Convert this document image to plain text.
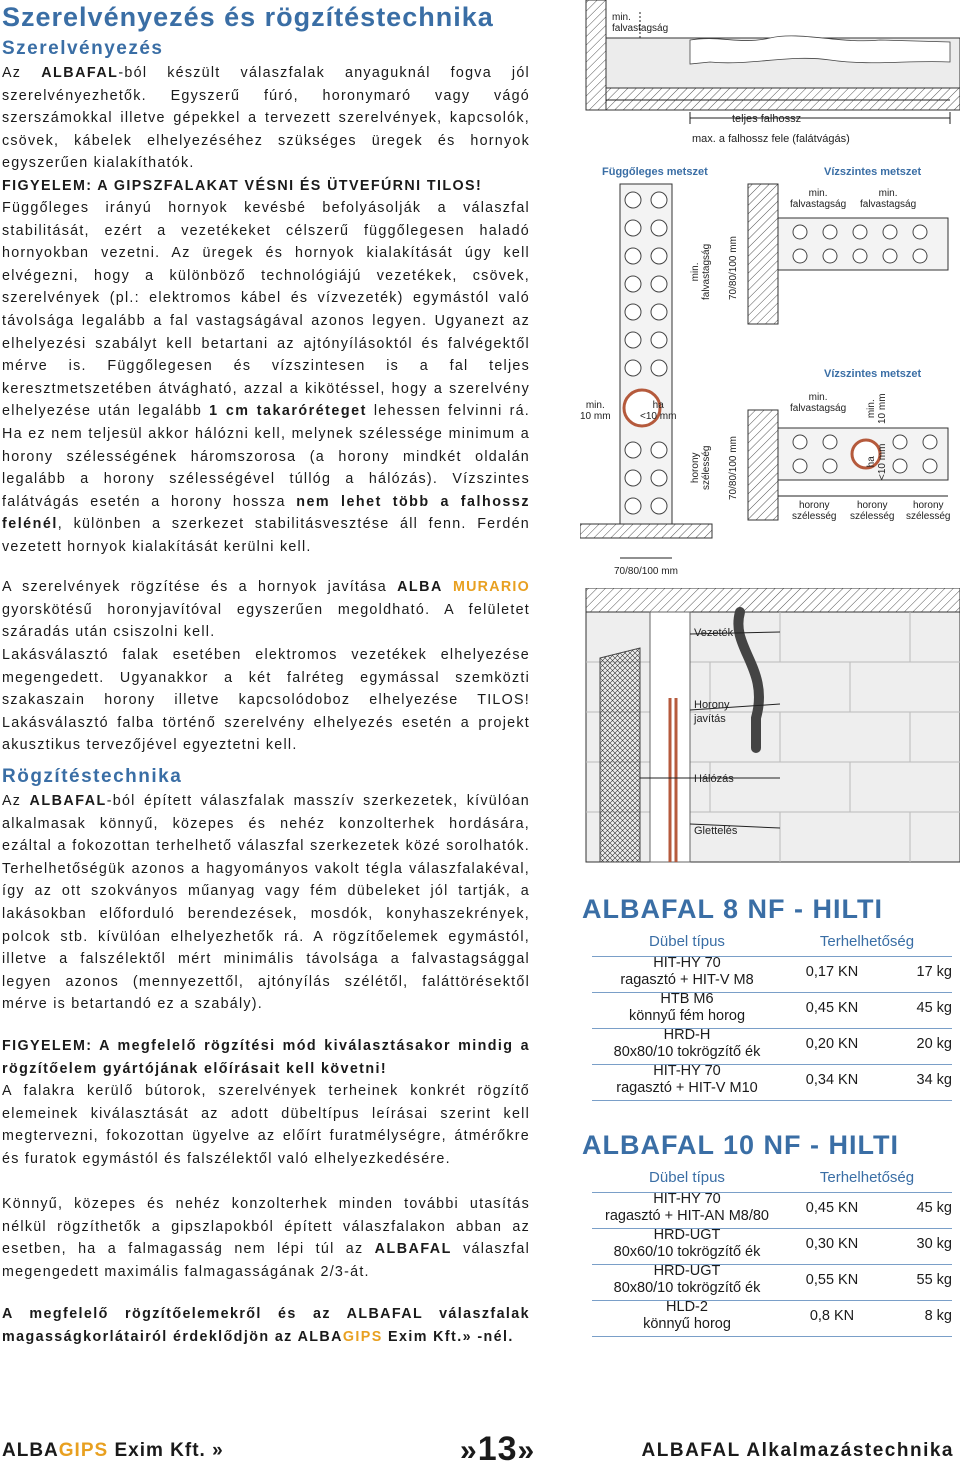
Szerelvényezés és rögzítéstechnika
Szerelvényezés

Az ALBAFAL-ból készült válaszfalak anyaguknál fogva jól szerelvényezhetők. Egyszerű fúró, horonymaró vagy vágó szerszámokkal illetve gépekkel a tervezett szerelvények, kapcsolók, csövek, kábelek elhelyezéséhez szükséges üregek és hornyok egyszerűen kialakíthatók.

FIGYELEM: A GIPSZFALAKAT VÉSNI ÉS ÜTVEFÚRNI TILOS!

Függőleges irányú hornyok kevésbé befolyásolják a válaszfal stabilitását, ezért a vezetékeket célszerű függőlegesen haladó hornyokban vezetni. Az üregek és hornyok kialakítását úgy kell elvégezni, hogy a különböző technológiájú vezetékek, csövek, szerelvények (pl.: elektromos kábel és vízvezeték) egymástól való távolsága legalább a fal vastagságával azonos legyen. Ugyanezt az elhelyezési szabályt kell betartani az ajtónyílásoktól és falvégektől mérve is. Függőlegesen és vízszintesen is a fal teljes keresztmetszetében átvágható, azzal a kikötéssel, hogy a szerelvény elhelyezése után legalább 1 cm takaróréteget lehessen felvinni rá. Ha ez nem teljesül akkor hálózni kell, melynek szélessége minimum a horony szélességének háromszorosa (a horony mindkét oldalán legalább a horony szélességével túllóg a hálózás). Vízszintes falátvágás esetén a horony hossza nem lehet több a falhossz felénél, különben a szerkezet stabilitásvesztése áll fenn. Ferdén vezetett hornyok kialakítását kerülni kell.

A szerelvények rögzítése és a hornyok javítása ALBA MURARIO gyorskötésű horonyjavítóval egyszerűen megoldható. A felületet száradás után csiszolni kell.

Lakásválasztó falak esetében elektromos vezetékek elhelyezése megengedett. Ugyanakkor a két falréteg egymással szemközti szakaszain horony illetve kapcsolódoboz elhelyezése TILOS! Lakásválasztó falba történő szerelvény elhelyezés esetén a projekt akusztikus tervezőjével egyeztetni kell.

Rögzítéstechnika

Az ALBAFAL-ból épített válaszfalak masszív szerkezetek, kívülóan alkalmasak könnyű, közepes és nehéz konzolterhek hordására, ezáltal a fokozottan terhelhető válaszfal szerkezetek közé sorolhatók. Terhelhetőségük azonos a hagyományos vakolt tégla válaszfalakéval, így az ott szokványos műanyag vagy fém dübeleket jól tartják, a lakásokban előforduló berendezések, mosdók, konyhaszekrények, polcok stb. kívülóan elhelyezhetők rá. A rögzítőelemek egymástól, illetve a falszélektől mért minimális távolsága a falvastagsággal legyen azonos (mennyezettől, ajtónyílás szélétől, faláttörésektől mérve is betartandó ez a szabály).

FIGYELEM: A megfelelő rögzítési mód kiválasztásakor mindig a rögzítőelem gyártójának előírásait kell követni!

A falakra kerülő bútorok, szerelvények terheinek konkrét rögzítő elemeinek kiválasztását az adott dübeltípus leírásai szerint kell megtervezni, fokozottan ügyelve az előírt furatmélységre, átmérőkre és furatok egymástól és falszélektől való elhelyezkedésére.

Könnyű, közepes és nehéz konzolterhek minden további utasítás nélkül rögzíthetők a gipszlapokból épített válaszfalakon abban az esetben, ha a falmagasság nem lépi túl az ALBAFAL válaszfal megengedett maximális falmagasságának 2/3-át.

A megfelelő rögzítőelemekről és az ALBAFAL válaszfalak magasságkorlátairól érdeklődjön az ALBAGIPS Exim Kft.» -nél.

min.
falvastagság
teljes falhossz
max. a falhossz fele (falátvágás)
Függőleges metszet	Vízszintes metszet
Vízszintes metszet
min.
10 mm
ha
<10 mm
70/80/100 mm
min.
falvastagság
horony
szélesség
70/80/100 mm
70/80/100 mm
min.
falvastagság
min.
falvastagság
min.
falvastagság min.
10 mm
ha
<10 mm
horony
szélesség
horony
szélesség
horony
szélesség
Vezeték
Horony
javítás
Hálózás
Glettelés
ALBAFAL 8 NF - HILTI
Dübel típus	Terhelhetőség
HIT-HY 70
ragasztó + HIT-V M8	0,17 KN	17 kg
HTB M6
könnyű fém horog	0,45 KN	45 kg
HRD-H
80x80/10 tokrögzítő ék	0,20 KN	20 kg
HIT-HY 70
ragasztó + HIT-V M10	0,34 KN	34 kg
ALBAFAL 10 NF - HILTI
Dübel típus	Terhelhetőség
HIT-HY 70
ragasztó + HIT-AN M8/80	0,45 KN	45 kg
HRD-UGT
80x60/10 tokrögzítő ék	0,30 KN	30 kg
HRD-UGT
80x80/10 tokrögzítő ék	0,55 KN	55 kg
HLD-2
könnyű horog	0,8 KN	8 kg
ALBAGIPS Exim Kft. »	»13»	ALBAFAL Alkalmazástechnika
